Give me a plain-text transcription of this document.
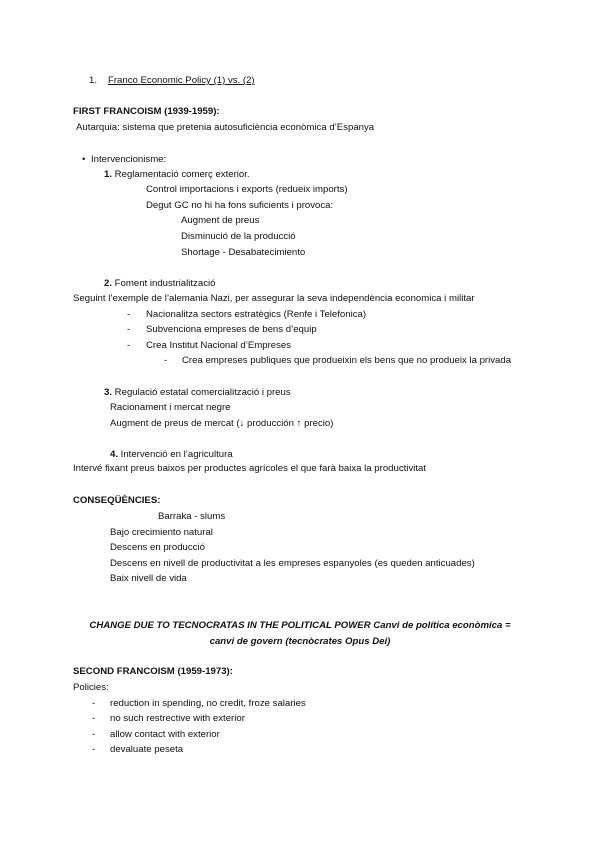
1. Franco Economic Policy (1) vs. (2)
FIRST FRANCOISM (1939-1959):
Autarquia: sistema que pretenia autosuficiència econòmica d’Espanya
• Intervencionisme:
1. Reglamentació comerç exterior.
Control importacions i exports (redueix imports)
Degut GC no hi ha fons suficients i provoca:
Augment de preus
Disminució de la producció
Shortage - Desabatecimiento
2. Foment industrialització
Seguint l’exemple de l’alemania Nazi, per assegurar la seva independència economica i militar
- Nacionalitza sectors estratègics (Renfe i Telefonica)
- Subvenciona empreses de bens d’equip
- Crea Institut Nacional d’Empreses
- Crea empreses publiques que produeixin els bens que no produeix la privada
3. Regulació estatal comercialització i preus
Racionament i mercat negre
Augment de preus de mercat (↓ producción ↑ precio)
4. Intervenció en l’agricultura
Intervé fixant preus baixos per productes agrícoles el que farà baixa la productivitat
CONSEQÜÈNCIES:
Barraka - slums
Bajo crecimiento natural
Descens en producció
Descens en nivell de productivitat a les empreses espanyoles (es queden anticuades)
Baix nivell de vida
CHANGE DUE TO TECNOCRATAS IN THE POLITICAL POWER Canvi de política econòmica =
canvi de govern (tecnòcrates Opus Dei)
SECOND FRANCOISM (1959-1973):
Policies:
- reduction in spending, no credit, froze salaries
- no such restrective with exterior
- allow contact with exterior
- devaluate peseta
